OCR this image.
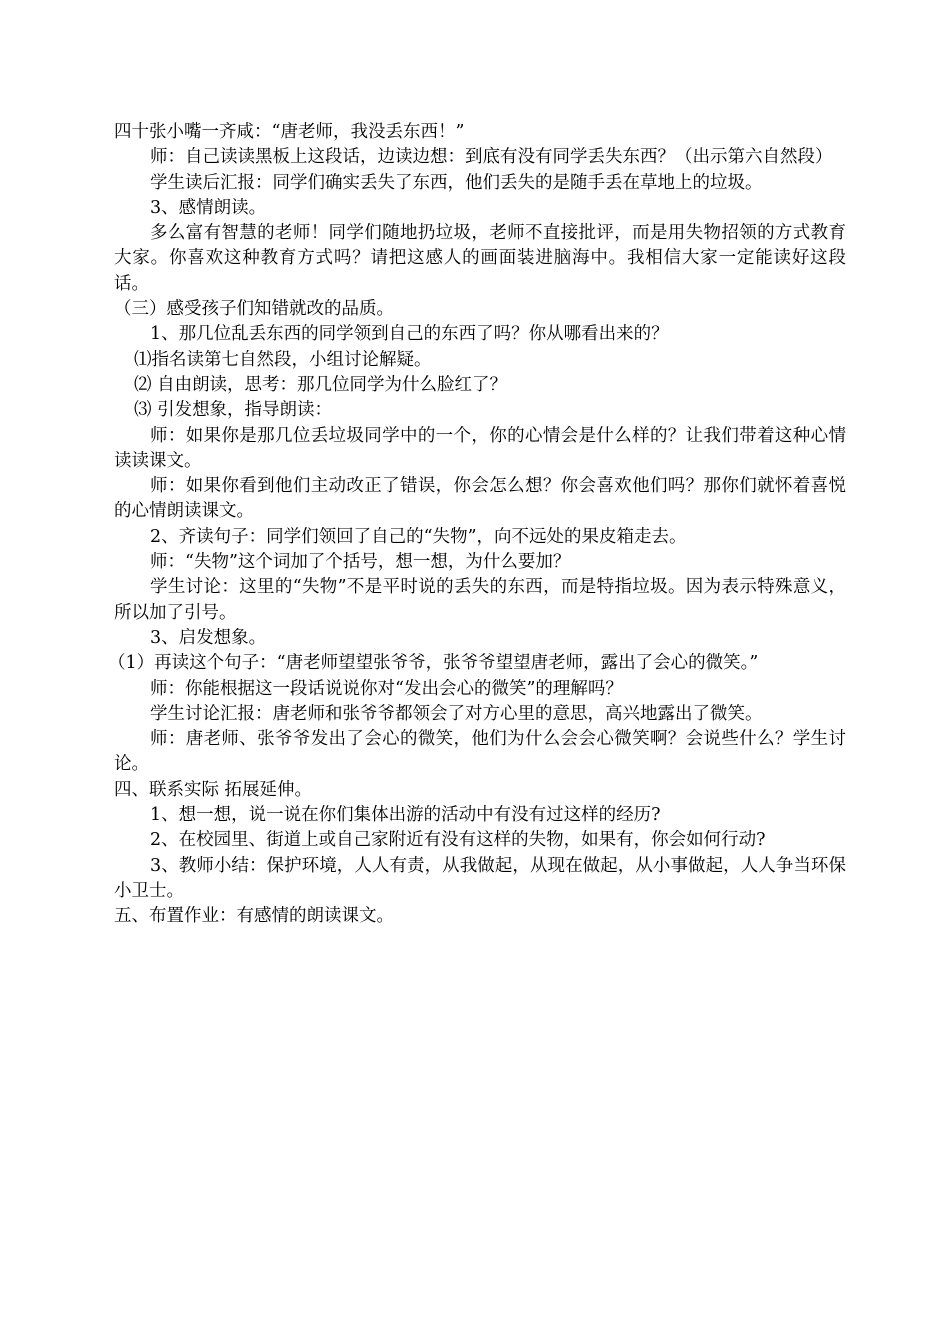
四十张小嘴一齐咸：“唐老师，我没丢东西！”

师：自己读读黑板上这段话，边读边想：到底有没有同学丢失东西？（出示第六自然段）

学生读后汇报：同学们确实丢失了东西，他们丢失的是随手丢在草地上的垃圾。

3、感情朗读。

多么富有智慧的老师！同学们随地扔垃圾，老师不直接批评，而是用失物招领的方式教育大家。你喜欢这种教育方式吗？请把这感人的画面装进脑海中。我相信大家一定能读好这段话。

（三）感受孩子们知错就改的品质。

1、那几位乱丢东西的同学领到自己的东西了吗？你从哪看出来的？

⑴指名读第七自然段，小组讨论解疑。

⑵ 自由朗读，思考：那几位同学为什么脸红了？

⑶ 引发想象，指导朗读：

师：如果你是那几位丢垃圾同学中的一个，你的心情会是什么样的？让我们带着这种心情读读课文。

师：如果你看到他们主动改正了错误，你会怎么想？你会喜欢他们吗？那你们就怀着喜悦的心情朗读课文。

2、齐读句子：同学们领回了自己的“失物”，向不远处的果皮箱走去。

师：“失物”这个词加了个括号，想一想，为什么要加？

学生讨论：这里的“失物”不是平时说的丢失的东西，而是特指垃圾。因为表示特殊意义，所以加了引号。

3、启发想象。

（1）再读这个句子：“唐老师望望张爷爷，张爷爷望望唐老师，露出了会心的微笑。”

师：你能根据这一段话说说你对“发出会心的微笑”的理解吗？

学生讨论汇报：唐老师和张爷爷都领会了对方心里的意思，高兴地露出了微笑。

师：唐老师、张爷爷发出了会心的微笑，他们为什么会会心微笑啊？会说些什么？学生讨论。

四、联系实际 拓展延伸。

1、想一想，说一说在你们集体出游的活动中有没有过这样的经历?

2、在校园里、街道上或自己家附近有没有这样的失物，如果有，你会如何行动?

3、教师小结：保护环境，人人有责，从我做起，从现在做起，从小事做起，人人争当环保小卫士。

五、布置作业：有感情的朗读课文。
